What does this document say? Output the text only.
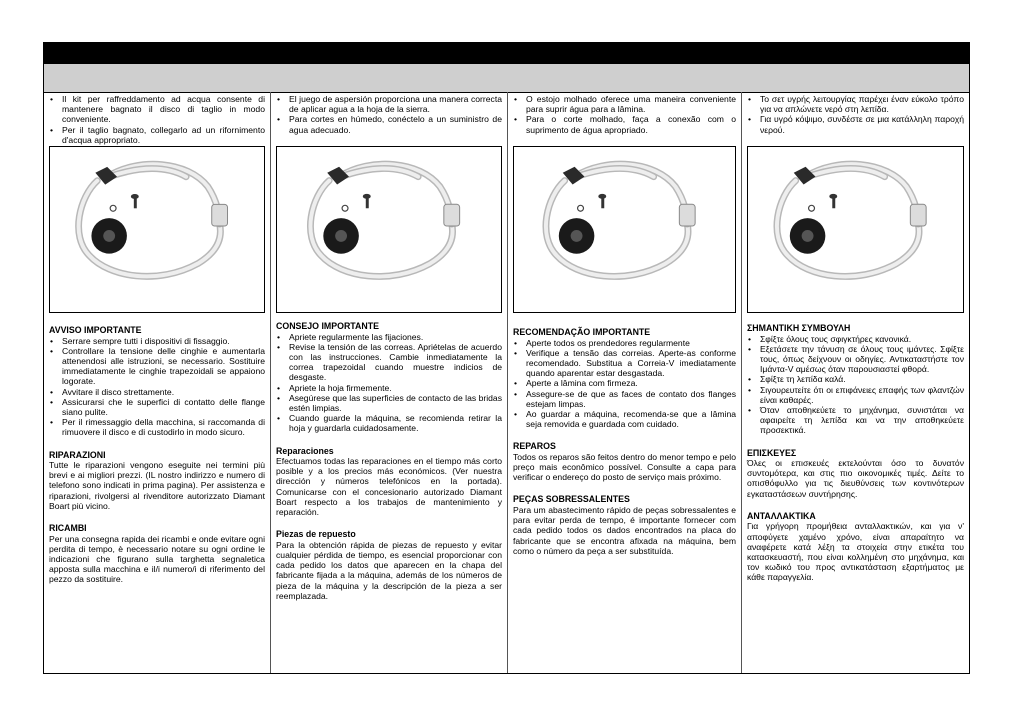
• Il kit per raffreddamento ad acqua consente di mantenere bagnato il disco di taglio in modo conveniente.
• Per il taglio bagnato, collegarlo ad un rifornimento d'acqua appropriato.
AVVISO IMPORTANTE
• Serrare sempre tutti i dispositivi di fissaggio.
• Controllare la tensione delle cinghie e aumentarla attenendosi alle istruzioni, se necessario. Sostituire immediatamente le cinghie trapezoidali se appaiono logorate.
• Avvitare il disco strettamente.
• Assicurarsi che le superfici di contatto delle flange siano pulite.
• Per il rimessaggio della macchina, si raccomanda di rimuovere il disco e di custodirlo in modo sicuro.
RIPARAZIONI

Tutte le riparazioni vengono eseguite nei termini più brevi e ai migliori prezzi. (IL nostro indirizzo e numero di telefono sono indicati in prima pagina). Per assistenza e riparazioni, rivolgersi al rivenditore autorizzato Diamant Boart più vicino.

RICAMBI

Per una consegna rapida dei ricambi e onde evitare ogni perdita di tempo, è necessario notare su ogni ordine le indicazioni che figurano sulla targhetta segnaletica apposta sulla macchina e il/i numero/i di riferimento del pezzo da sostituire.

• El juego de aspersión proporciona una manera correcta de aplicar agua a la hoja de la sierra.
• Para cortes en húmedo, conéctelo a un suministro de agua adecuado.
CONSEJO IMPORTANTE
• Apriete regularmente las fijaciones.
• Revise la tensión de las correas. Apriételas de acuerdo con las instrucciones. Cambie inmediatamente la correa trapezoidal cuando muestre indicios de desgaste.
• Apriete la hoja firmemente.
• Asegúrese que las superficies de contacto de las bridas estén limpias.
• Cuando guarde la máquina, se recomienda retirar la hoja y guardarla cuidadosamente.
Reparaciones

Efectuamos todas las reparaciones en el tiempo más corto posible y a los precios más económicos. (Ver nuestra dirección y números telefónicos en la portada). Comunicarse con el concesionario autorizado Diamant Boart respecto a los trabajos de mantenimiento y reparación.

Piezas de repuesto

Para la obtención rápida de piezas de repuesto y evitar cualquier pérdida de tiempo, es esencial proporcionar con cada pedido los datos que aparecen en la chapa del fabricante fijada a la máquina, además de los números de pieza de la máquina y la descripción de la pieza a ser reemplazada.

• O estojo molhado oferece uma maneira conveniente para suprir água para a lâmina.
• Para o corte molhado, faça a conexão com o suprimento de água apropriado.
RECOMENDAÇÃO IMPORTANTE
• Aperte todos os prendedores regularmente
• Verifique a tensão das correias. Aperte-as conforme recomendado. Substitua a Correia-V imediatamente quando aparentar estar desgastada.
• Aperte a lâmina com firmeza.
• Assegure-se de que as faces de contato dos flanges estejam limpas.
• Ao guardar a máquina, recomenda-se que a lâmina seja removida e guardada com cuidado.
REPAROS

Todos os reparos são feitos dentro do menor tempo e pelo preço mais econômico possível. Consulte a capa para verificar o endereço do posto de serviço mais próximo.

PEÇAS SOBRESSALENTES

Para um abastecimento rápido de peças sobressalentes e para evitar perda de tempo, é importante fornecer com cada pedido todos os dados encontrados na placa do fabricante que se encontra afixada na máquina, bem como o número da peça a ser substituída.

• Το σετ υγρής λειτουργίας παρέχει έναν εύκολο τρόπο για να απλώνετε νερό στη λεπίδα.
• Για υγρό κόψιμο, συνδέστε σε μια κατάλληλη παροχή νερού.
ΣΗΜΑΝΤΙΚΗ ΣΥΜΒΟΥΛΗ
• Σφίξτε όλους τους σφιγκτήρες κανονικά.
• Εξετάσετε την τάνυση σε όλους τους ιμάντες. Σφίξτε τους, όπως δείχνουν οι οδηγίες. Αντικαταστήστε τον Ιμάντα-V αμέσως όταν παρουσιαστεί φθορά.
• Σφίξτε τη λεπίδα καλά.
• Σιγουρευτείτε ότι οι επιφάνειες επαφής των φλαντζών είναι καθαρές.
• Όταν αποθηκεύετε το μηχάνημα, συνιστάται να αφαιρείτε τη λεπίδα και να την αποθηκεύετε προσεκτικά.
ΕΠΙΣΚΕΥΕΣ

Όλες οι επισκευές εκτελούνται όσο το δυνατόν συντομότερα, και στις πιο οικονομικές τιμές. Δείτε το οπισθόφυλλο για τις διευθύνσεις των κοντινότερων εγκαταστάσεων συντήρησης.

ΑΝΤΑΛΛΑΚΤΙΚΑ

Για γρήγορη προμήθεια ανταλλακτικών, και για ν' αποφύγετε χαμένο χρόνο, είναι απαραίτητο να αναφέρετε κατά λέξη τα στοιχεία στην ετικέτα του κατασκευαστή, που είναι κολλημένη στο μηχάνημα, και τον κωδικό του προς αντικατάσταση εξαρτήματος με κάθε παραγγελία.
